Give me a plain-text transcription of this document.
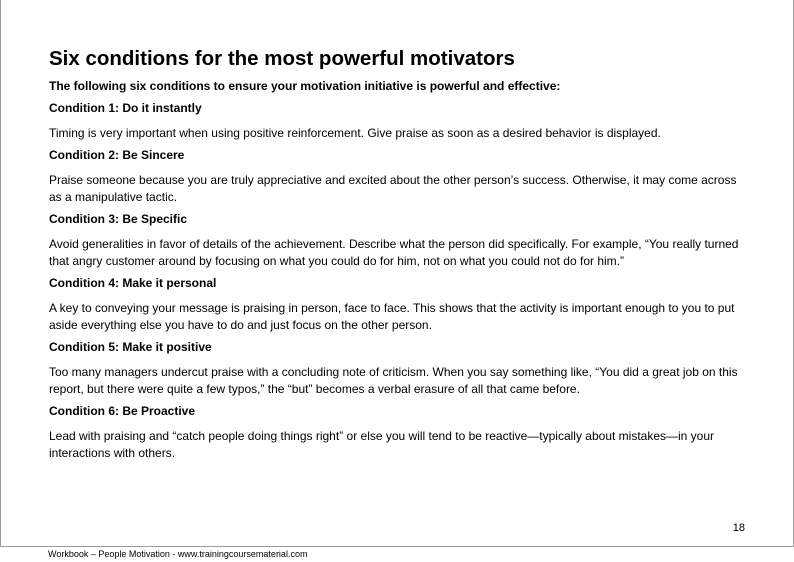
Six conditions for the most powerful motivators

The following six conditions to ensure your motivation initiative is powerful and effective:

Condition 1: Do it instantly

Timing is very important when using positive reinforcement. Give praise as soon as a desired behavior is displayed.

Condition 2: Be Sincere

Praise someone because you are truly appreciative and excited about the other person’s success. Otherwise, it may come across as a manipulative tactic.

Condition 3: Be Specific

Avoid generalities in favor of details of the achievement. Describe what the person did specifically. For example, “You really turned that angry customer around by focusing on what you could do for him, not on what you could not do for him.”

Condition 4: Make it personal

A key to conveying your message is praising in person, face to face. This shows that the activity is important enough to you to put aside everything else you have to do and just focus on the other person.

Condition 5: Make it positive

Too many managers undercut praise with a concluding note of criticism. When you say something like, “You did a great job on this report, but there were quite a few typos,” the “but” becomes a verbal erasure of all that came before.

Condition 6: Be Proactive

Lead with praising and “catch people doing things right” or else you will tend to be reactive—typically about mistakes—in your interactions with others.

18
Workbook – People Motivation - www.trainingcoursematerial.com
